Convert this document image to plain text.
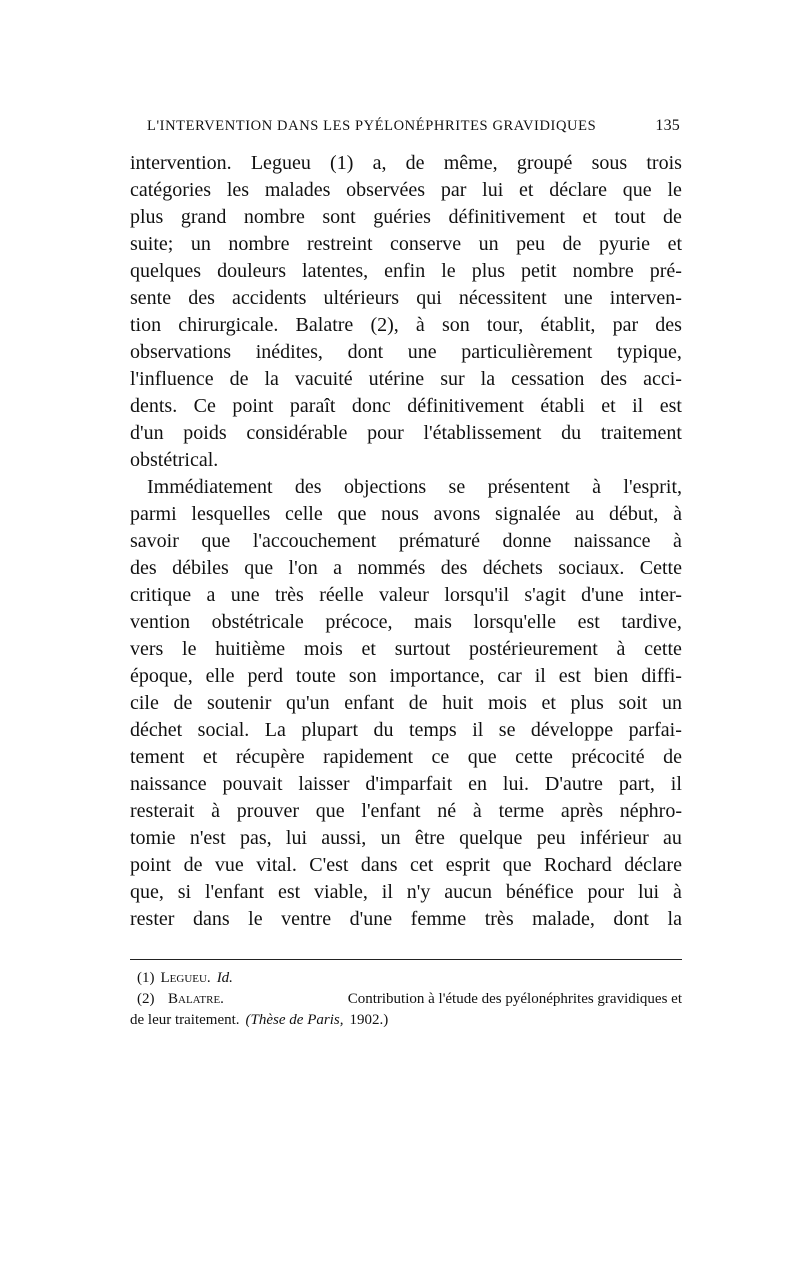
L'INTERVENTION DANS LES PYÉLONÉPHRITES GRAVIDIQUES	135
intervention. Legueu (1) a, de même, groupé sous trois
catégories les malades observées par lui et déclare que le
plus grand nombre sont guéries définitivement et tout de
suite; un nombre restreint conserve un peu de pyurie et
quelques douleurs latentes, enfin le plus petit nombre pré-
sente des accidents ultérieurs qui nécessitent une interven-
tion chirurgicale. Balatre (2), à son tour, établit, par des
observations inédites, dont une particulièrement typique,
l'influence de la vacuité utérine sur la cessation des acci-
dents. Ce point paraît donc définitivement établi et il est
d'un poids considérable pour l'établissement du traitement
obstétrical.
Immédiatement des objections se présentent à l'esprit,
parmi lesquelles celle que nous avons signalée au début, à
savoir que l'accouchement prématuré donne naissance à
des débiles que l'on a nommés des déchets sociaux. Cette
critique a une très réelle valeur lorsqu'il s'agit d'une inter-
vention obstétricale précoce, mais lorsqu'elle est tardive,
vers le huitième mois et surtout postérieurement à cette
époque, elle perd toute son importance, car il est bien diffi-
cile de soutenir qu'un enfant de huit mois et plus soit un
déchet social. La plupart du temps il se développe parfai-
tement et récupère rapidement ce que cette précocité de
naissance pouvait laisser d'imparfait en lui. D'autre part, il
resterait à prouver que l'enfant né à terme après néphro-
tomie n'est pas, lui aussi, un être quelque peu inférieur au
point de vue vital. C'est dans cet esprit que Rochard déclare
que, si l'enfant est viable, il n'y aucun bénéfice pour lui à
rester dans le ventre d'une femme très malade, dont la
(1) Legueu. Id.
(2) Balatre.	Contribution à l'étude des pyélonéphrites gravidiques et
de leur traitement. (Thèse de Paris, 1902.)
